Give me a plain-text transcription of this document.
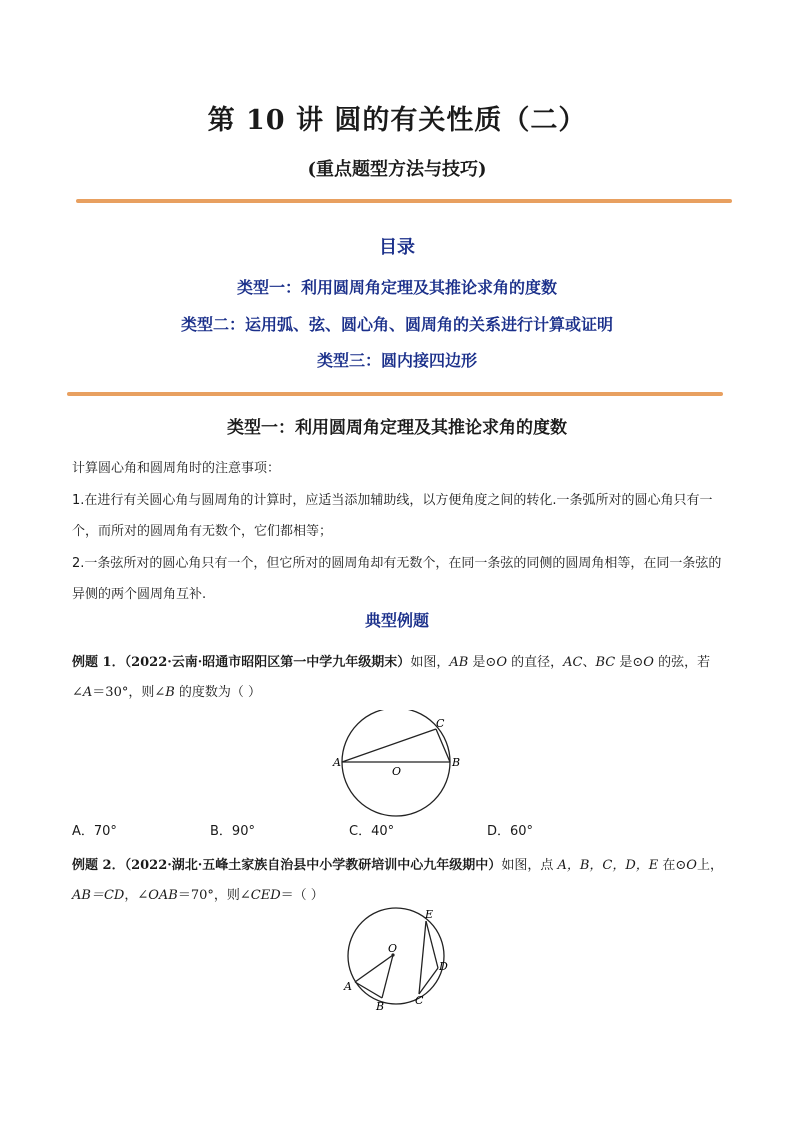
第 10 讲 圆的有关性质（二）
(重点题型方法与技巧)
目录
类型一：利用圆周角定理及其推论求角的度数
类型二：运用弧、弦、圆心角、圆周角的关系进行计算或证明
类型三：圆内接四边形
类型一：利用圆周角定理及其推论求角的度数
计算圆心角和圆周角时的注意事项：
1.在进行有关圆心角与圆周角的计算时，应适当添加辅助线，以方便角度之间的转化.一条弧所对的圆心角只有一个，而所对的圆周角有无数个，它们都相等；
2.一条弦所对的圆心角只有一个，但它所对的圆周角却有无数个，在同一条弦的同侧的圆周角相等，在同一条弦的异侧的两个圆周角互补.
典型例题
例题 1．（2022·云南·昭通市昭阳区第一中学九年级期末）如图，AB 是⊙O 的直径，AC、BC 是⊙O 的弦，若∠A＝30°，则∠B 的度数为（ ）
A	B
C
O
A．70°	B．90°	C．40°	D．60°
例题 2．（2022·湖北·五峰土家族自治县中小学教研培训中心九年级期中）如图，点 A，B，C，D，E 在⊙O上，AB＝CD，∠OAB＝70°，则∠CED＝（ ）
O
A
B	C
D
E
